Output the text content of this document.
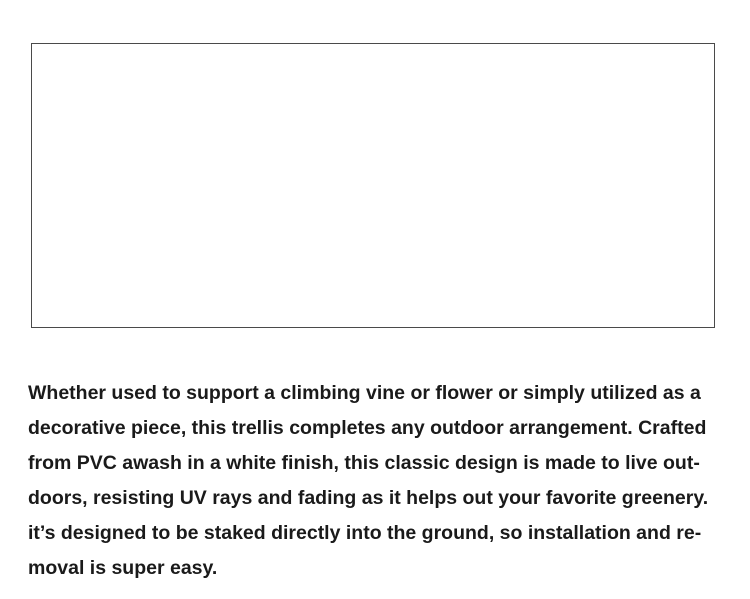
Whether used to support a climbing vine or flower or simply utilized as a
decorative piece, this trellis completes any outdoor arrangement. Crafted
from PVC awash in a white finish, this classic design is made to live out-
doors, resisting UV rays and fading as it helps out your favorite greenery.
it’s designed to be staked directly into the ground, so installation and re-
moval is super easy.
